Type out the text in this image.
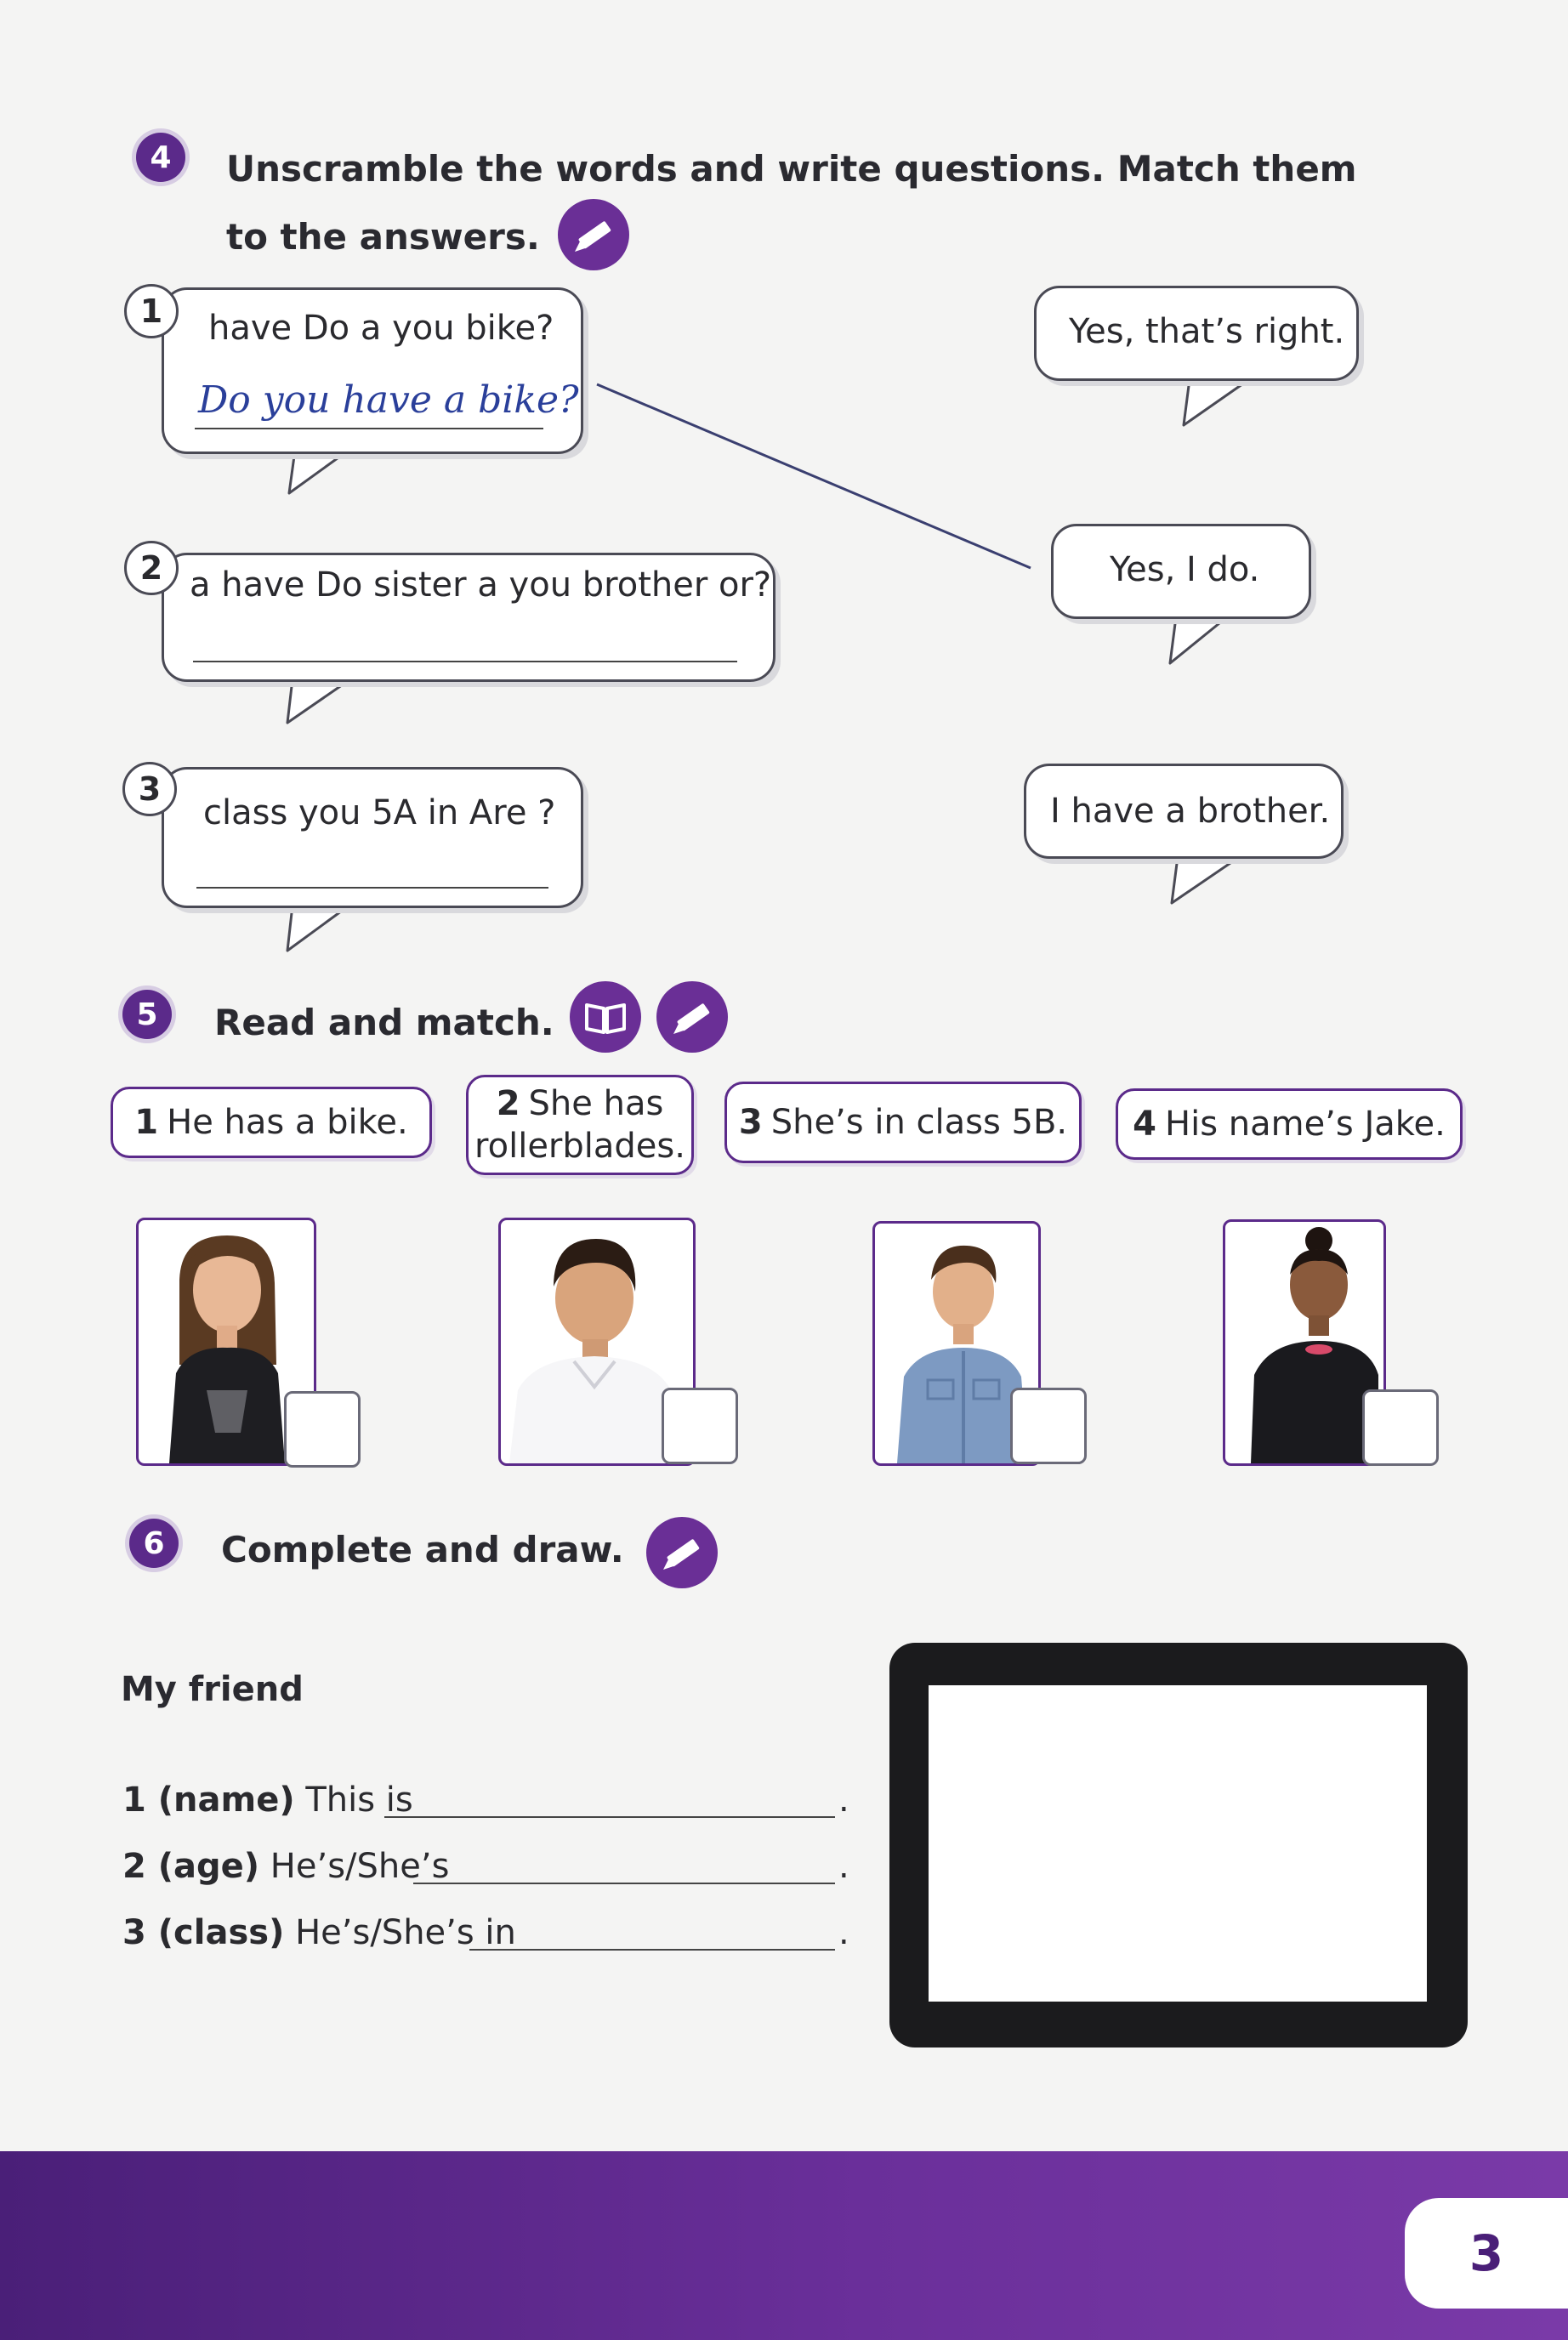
4 Unscramble the words and write questions. Match them
to the answers.
have Do a you bike?
Do you have a bike?
1
a have Do sister a you brother or?
2
class you 5A in Are ?
3
Yes, that’s right.
Yes, I do.
I have a brother.
5 Read and match.
1 He has a bike.	2 She has
rollerblades.
3 She’s in class 5B. 4 His name’s Jake.
6 Complete and draw.
My friend
1 (name) This is	.
2 (age) He’s/She’s	.
3 (class) He’s/She’s in	.
3
